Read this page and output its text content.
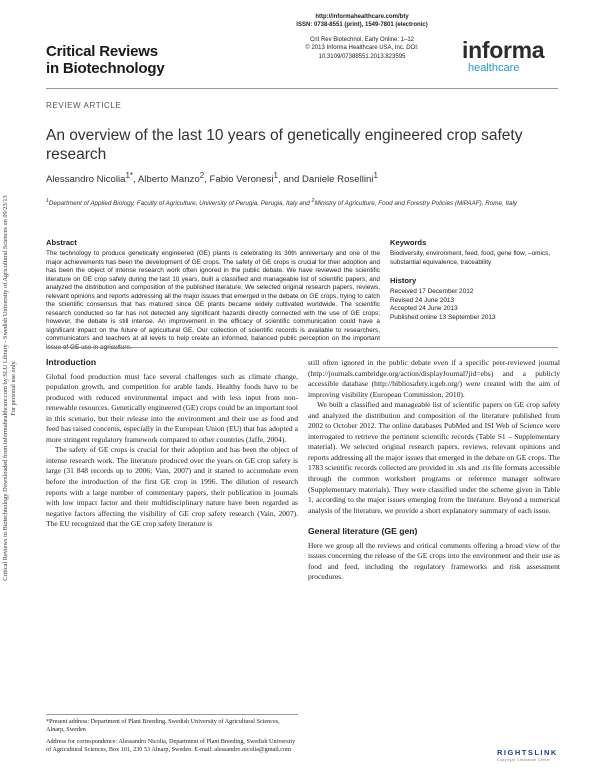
Critical Reviews in Biotechnology Downloaded from informahealthcare.com by SLU Library - Swedish University of Agricultural Sciences on 09/23/13 For personal use only.
Critical Reviews
in Biotechnology
http://informahealthcare.com/bty
ISSN: 0738-8551 (print), 1549-7801 (electronic)
Crit Rev Biotechnol, Early Online: 1–12
© 2013 Informa Healthcare USA, Inc. DOI: 10.3109/07388551.2013.823595	informa
healthcare
REVIEW ARTICLE
An overview of the last 10 years of genetically engineered crop safety research
Alessandro Nicolia$^{1*}$, Alberto Manzo$^2$, Fabio Veronesi$^1$, and Daniele Rosellini$^1$
$^1$Department of Applied Biology, Faculty of Agriculture, University of Perugia, Perugia, Italy and $^2$Ministry of Agriculture, Food and Forestry Policies (MiPAAF), Rome, Italy
Abstract
The technology to produce genetically engineered (GE) plants is celebrating its 30th anniversary and one of the major achievements has been the development of GE crops. The safety of GE crops is crucial for their adoption and has been the object of intense research work often ignored in the public debate. We have reviewed the scientific literature on GE crop safety during the last 10 years, built a classified and manageable list of scientific papers, and analyzed the distribution and composition of the published literature. We selected original research papers, reviews, relevant opinions and reports addressing all the major issues that emerged in the debate on GE crops, trying to catch the scientific consensus that has matured since GE plants became widely cultivated worldwide. The scientific research conducted so far has not detected any significant hazards directly connected with the use of GE crops; however, the debate is still intense. An improvement in the efficacy of scientific communication could have a significant impact on the future of agricultural GE. Our collection of scientific records is available to researchers, communicators and teachers at all levels to help create an informed, balanced public perception on the important issue of GE use in agriculture.
Keywords
Biodiversity, environment, feed, food, gene flow, –omics, substantial equivalence, traceability
History
Received 17 December 2012
Revised 24 June 2013
Accepted 24 June 2013
Published online 13 September 2013
Introduction

Global food production must face several challenges such as climate change, population growth, and competition for arable lands. Healthy foods have to be produced with reduced environmental impact and with less input from non-renewable resources. Genetically engineered (GE) crops could be an important tool in this scenario, but their release into the environment and their use as food and feed has raised concerns, especially in the European Union (EU) that has adopted a more stringent regulatory framework compared to other countries (Jaffe, 2004).

The safety of GE crops is crucial for their adoption and has been the object of intense research work. The literature produced over the years on GE crop safety is large (31 848 records up to 2006; Vain, 2007) and it started to accumulate even before the introduction of the first GE crop in 1996. The dilution of research reports with a large number of commentary papers, their publication in journals with low impact factor and their multidisciplinary nature have been regarded as negative factors affecting the visibility of GE crop safety research (Vain, 2007). The EU recognized that the GE crop safety literature is

*Present address: Department of Plant Breeding, Swedish University of Agricultural Sciences, Alnarp, Sweden

Address for correspondence: Alessandro Nicolia, Department of Plant Breeding, Swedish University of Agricultural Sciences, Box 101, 230 53 Alnarp, Sweden. E-mail: alessandro.nicolia@gmail.com

still often ignored in the public debate even if a specific peer-reviewed journal (http://journals.cambridge.org/action/displayJournal?jid=ebs) and a publicly accessible database (http://bibliosafety.icgeb.org/) were created with the aim of improving visibility (European Commission, 2010).

We built a classified and manageable list of scientific papers on GE crop safety and analyzed the distribution and composition of the literature published from 2002 to October 2012. The online databases PubMed and ISI Web of Science were interrogated to retrieve the pertinent scientific records (Table S1 – Supplementary material). We selected original research papers, reviews, relevant opinions and reports addressing all the major issues that emerged in the debate on GE crops. The 1783 scientific records collected are provided in .xls and .ris file formats accessible through the common worksheet programs or reference manager software (Supplementary materials). They were classified under the scheme given in Table 1, according to the major issues emerging from the literature. Beyond a numerical analysis of the literature, we provide a short explanatory summary of each issue.

General literature (GE gen)

Here we group all the reviews and critical comments offering a broad view of the issues concerning the release of the GE crops into the environment and their use as food and feed, including the regulatory frameworks and risk assessment procedures.

RIGHTSLINK
Copyright Clearance Center
